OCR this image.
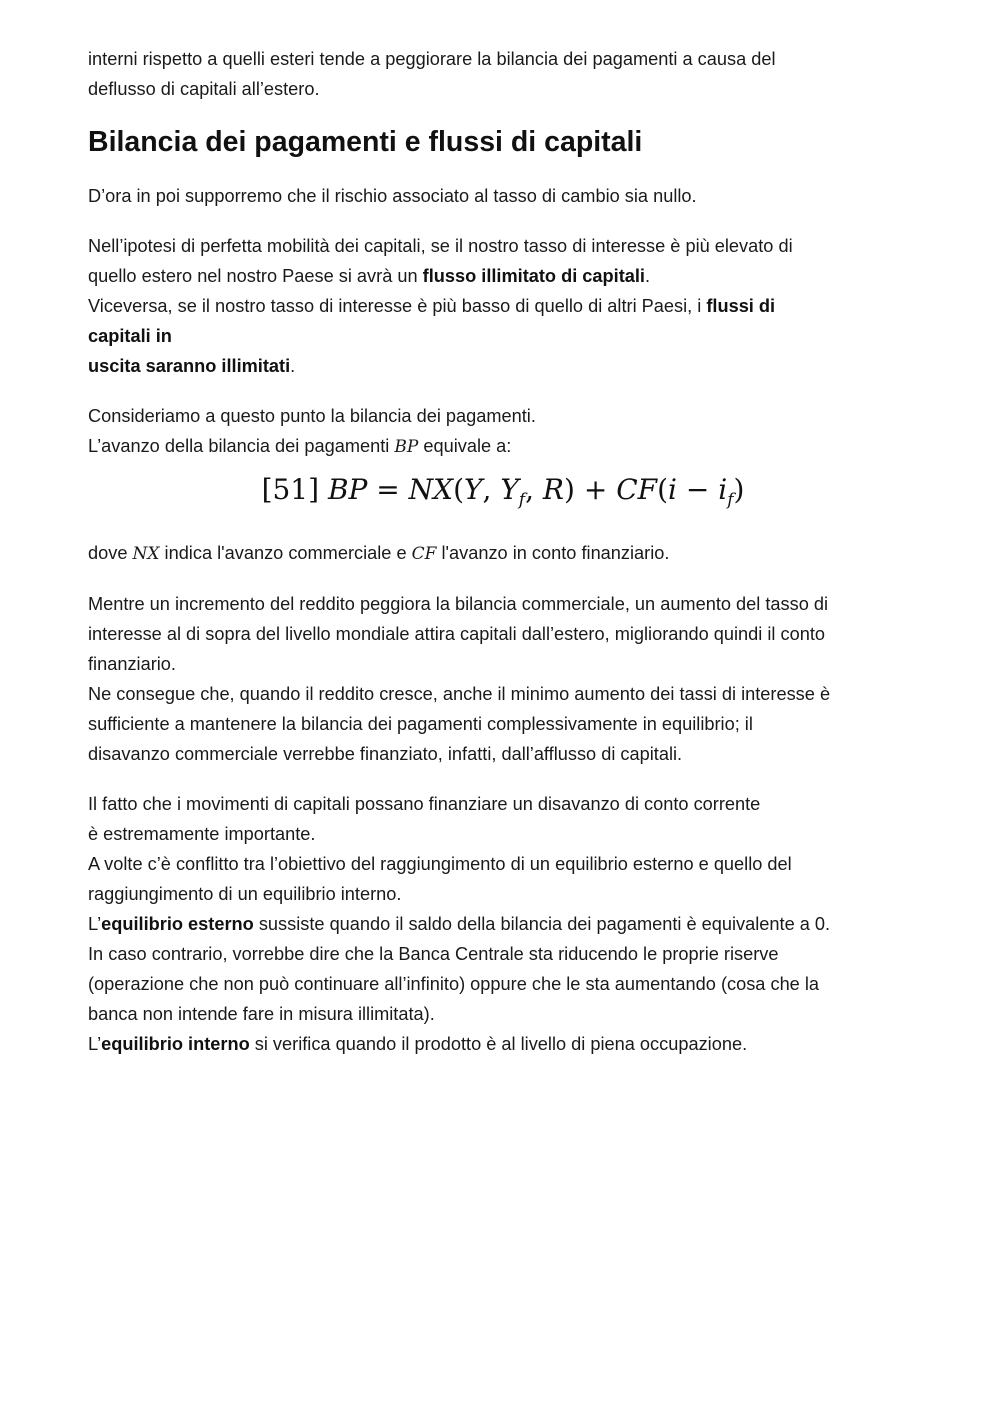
interni rispetto a quelli esteri tende a peggiorare la bilancia dei pagamenti a causa del
deflusso di capitali all’estero.

Bilancia dei pagamenti e flussi di capitali

D’ora in poi supporremo che il rischio associato al tasso di cambio sia nullo.

Nell’ipotesi di perfetta mobilità dei capitali, se il nostro tasso di interesse è più elevato di
quello estero nel nostro Paese si avrà un flusso illimitato di capitali.
Viceversa, se il nostro tasso di interesse è più basso di quello di altri Paesi, i flussi di
capitali in
uscita saranno illimitati.

Consideriamo a questo punto la bilancia dei pagamenti.
L’avanzo della bilancia dei pagamenti BP equivale a:

[51] BP = NX(Y, $Y_f$, $R) + CF(i - i_f)$

dove NX indica l'avanzo commerciale e CF l'avanzo in conto finanziario.

Mentre un incremento del reddito peggiora la bilancia commerciale, un aumento del tasso di
interesse al di sopra del livello mondiale attira capitali dall’estero, migliorando quindi il conto
finanziario.
Ne consegue che, quando il reddito cresce, anche il minimo aumento dei tassi di interesse è
sufficiente a mantenere la bilancia dei pagamenti complessivamente in equilibrio; il
disavanzo commerciale verrebbe finanziato, infatti, dall’afflusso di capitali.

Il fatto che i movimenti di capitali possano finanziare un disavanzo di conto corrente
è estremamente importante.
A volte c’è conflitto tra l’obiettivo del raggiungimento di un equilibrio esterno e quello del
raggiungimento di un equilibrio interno.
L’equilibrio esterno sussiste quando il saldo della bilancia dei pagamenti è equivalente a 0.
In caso contrario, vorrebbe dire che la Banca Centrale sta riducendo le proprie riserve
(operazione che non può continuare all’infinito) oppure che le sta aumentando (cosa che la
banca non intende fare in misura illimitata).
L’equilibrio interno si verifica quando il prodotto è al livello di piena occupazione.
